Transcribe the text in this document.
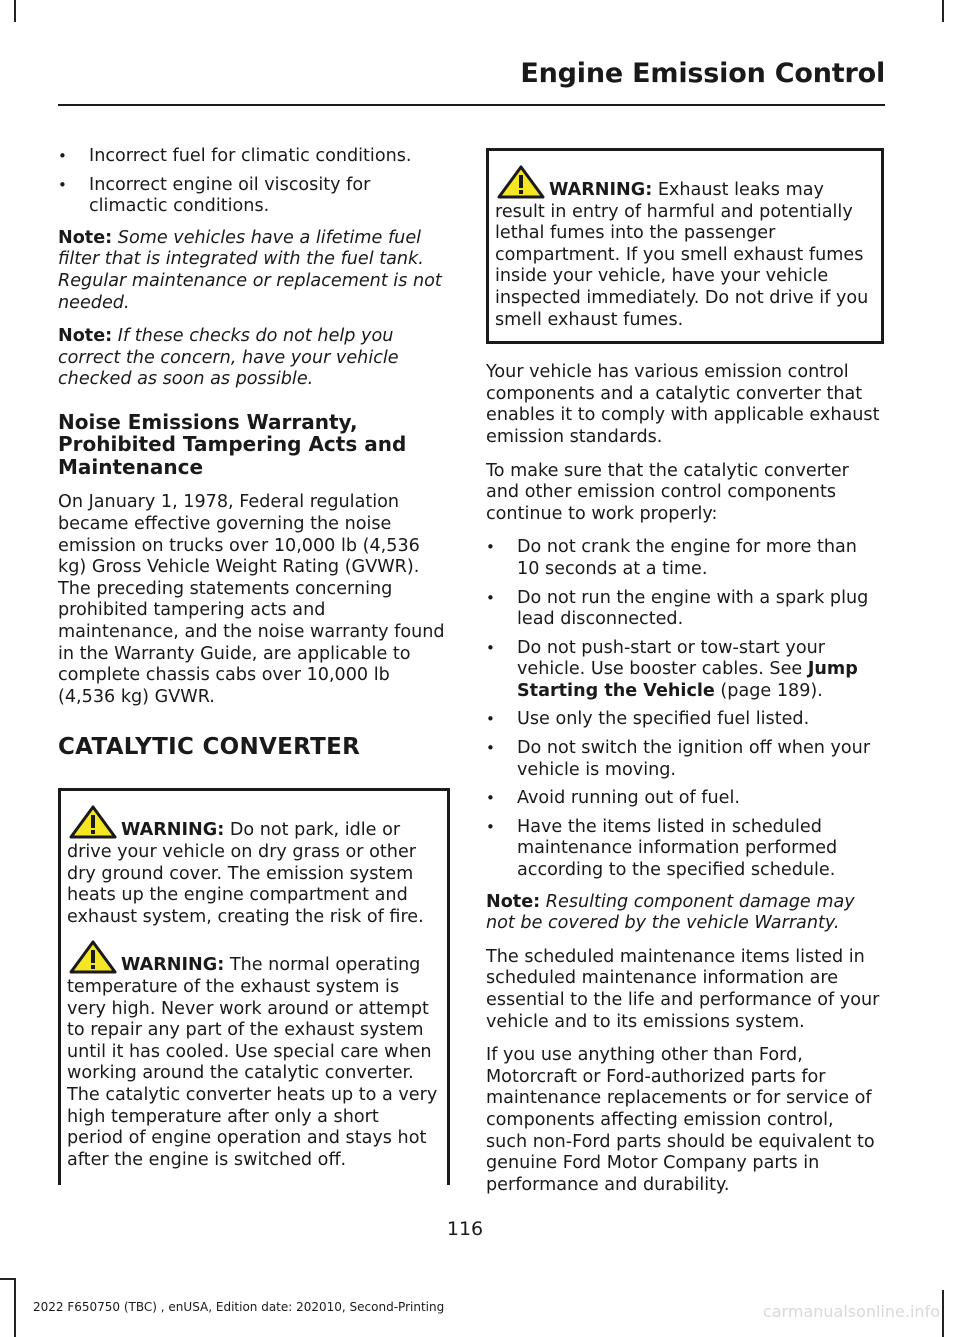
Engine Emission Control
• Incorrect fuel for climatic conditions.
• Incorrect engine oil viscosity for climactic conditions.

Note: Some vehicles have a lifetime fuel filter that is integrated with the fuel tank. Regular maintenance or replacement is not needed.

Note: If these checks do not help you correct the concern, have your vehicle checked as soon as possible.

Noise Emissions Warranty, Prohibited Tampering Acts and Maintenance

On January 1, 1978, Federal regulation became effective governing the noise emission on trucks over 10,000 lb (4,536 kg) Gross Vehicle Weight Rating (GVWR). The preceding statements concerning prohibited tampering acts and maintenance, and the noise warranty found in the Warranty Guide, are applicable to complete chassis cabs over 10,000 lb (4,536 kg) GVWR.

CATALYTIC CONVERTER

WARNING: Do not park, idle or drive your vehicle on dry grass or other dry ground cover. The emission system heats up the engine compartment and exhaust system, creating the risk of fire.

WARNING: The normal operating temperature of the exhaust system is very high. Never work around or attempt to repair any part of the exhaust system until it has cooled. Use special care when working around the catalytic converter. The catalytic converter heats up to a very high temperature after only a short period of engine operation and stays hot after the engine is switched off.

WARNING: Exhaust leaks may result in entry of harmful and potentially lethal fumes into the passenger compartment. If you smell exhaust fumes inside your vehicle, have your vehicle inspected immediately. Do not drive if you smell exhaust fumes.

Your vehicle has various emission control components and a catalytic converter that enables it to comply with applicable exhaust emission standards.

To make sure that the catalytic converter and other emission control components continue to work properly:

• Do not crank the engine for more than 10 seconds at a time.
• Do not run the engine with a spark plug lead disconnected.
• Do not push-start or tow-start your vehicle. Use booster cables. See Jump Starting the Vehicle (page 189).
• Use only the specified fuel listed.
• Do not switch the ignition off when your vehicle is moving.
• Avoid running out of fuel.
• Have the items listed in scheduled maintenance information performed according to the specified schedule.

Note: Resulting component damage may not be covered by the vehicle Warranty.

The scheduled maintenance items listed in scheduled maintenance information are essential to the life and performance of your vehicle and to its emissions system.

If you use anything other than Ford, Motorcraft or Ford-authorized parts for maintenance replacements or for service of components affecting emission control, such non-Ford parts should be equivalent to genuine Ford Motor Company parts in performance and durability.

116
2022 F650750 (TBC) , enUSA, Edition date: 202010, Second-Printing	carmanualsonline.info
